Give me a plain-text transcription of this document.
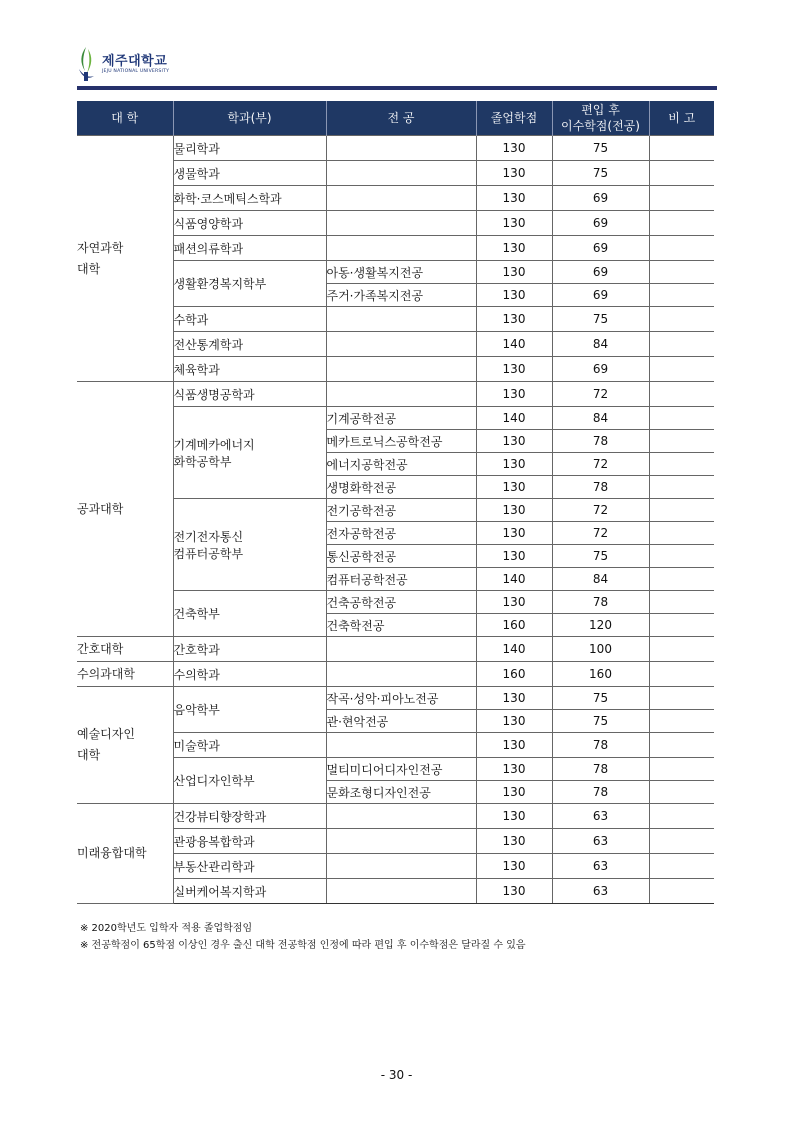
제주대학교
JEJU NATIONAL UNIVERSITY
대 학	학과(부)	전 공	졸업학점	편입 후
이수학점(전공)	비 고

자연과학
대학	물리학과		130	75	

	생물학과		130	75	

	화학·코스메틱스학과		130	69	

	식품영양학과		130	69	

	패션의류학과		130	69	

	생활환경복지학부	아동·생활복지전공	130	69	

		주거·가족복지전공	130	69	

	수학과		130	75	

	전산통계학과		140	84	

	체육학과		130	69	

공과대학	식품생명공학과		130	72	

	기계메카에너지
화학공학부	기계공학전공	140	84	

		메카트로닉스공학전공	130	78	

		에너지공학전공	130	72	

		생명화학전공	130	78	

	전기전자통신
컴퓨터공학부	전기공학전공	130	72	

		전자공학전공	130	72	

		통신공학전공	130	75	

		컴퓨터공학전공	140	84	

	건축학부	건축공학전공	130	78	

		건축학전공	160	120	

간호대학	간호학과		140	100	

수의과대학	수의학과		160	160	

예술디자인
대학	음악학부	작곡·성악·피아노전공	130	75	

		관·현악전공	130	75	

	미술학과		130	78	

	산업디자인학부	멀티미디어디자인전공	130	78	

		문화조형디자인전공	130	78	

미래융합대학	건강뷰티향장학과		130	63	

	관광융복합학과		130	63	

	부동산관리학과		130	63	

	실버케어복지학과		130	63	
※ 2020학년도 입학자 적용 졸업학점임
※ 전공학점이 65학점 이상인 경우 출신 대학 전공학점 인정에 따라 편입 후 이수학점은 달라질 수 있음
- 30 -
